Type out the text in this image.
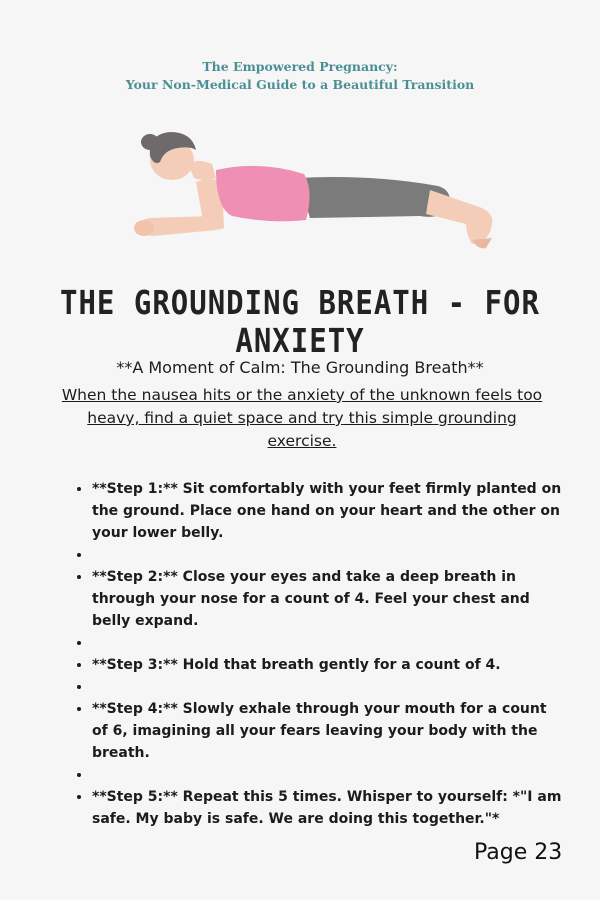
The Empowered Pregnancy:
Your Non-Medical Guide to a Beautiful Transition
THE GROUNDING BREATH - FOR ANXIETY
**A Moment of Calm: The Grounding Breath**
When the nausea hits or the anxiety of the unknown feels too heavy, find a quiet space and try this simple grounding exercise.
• **Step 1:** Sit comfortably with your feet firmly planted on the ground. Place one hand on your heart and the other on your lower belly.
•
• **Step 2:** Close your eyes and take a deep breath in through your nose for a count of 4. Feel your chest and belly expand.
•
• **Step 3:** Hold that breath gently for a count of 4.
•
• **Step 4:** Slowly exhale through your mouth for a count of 6, imagining all your fears leaving your body with the breath.
•
• **Step 5:** Repeat this 5 times. Whisper to yourself: *"I am safe. My baby is safe. We are doing this together."*
Page 23
